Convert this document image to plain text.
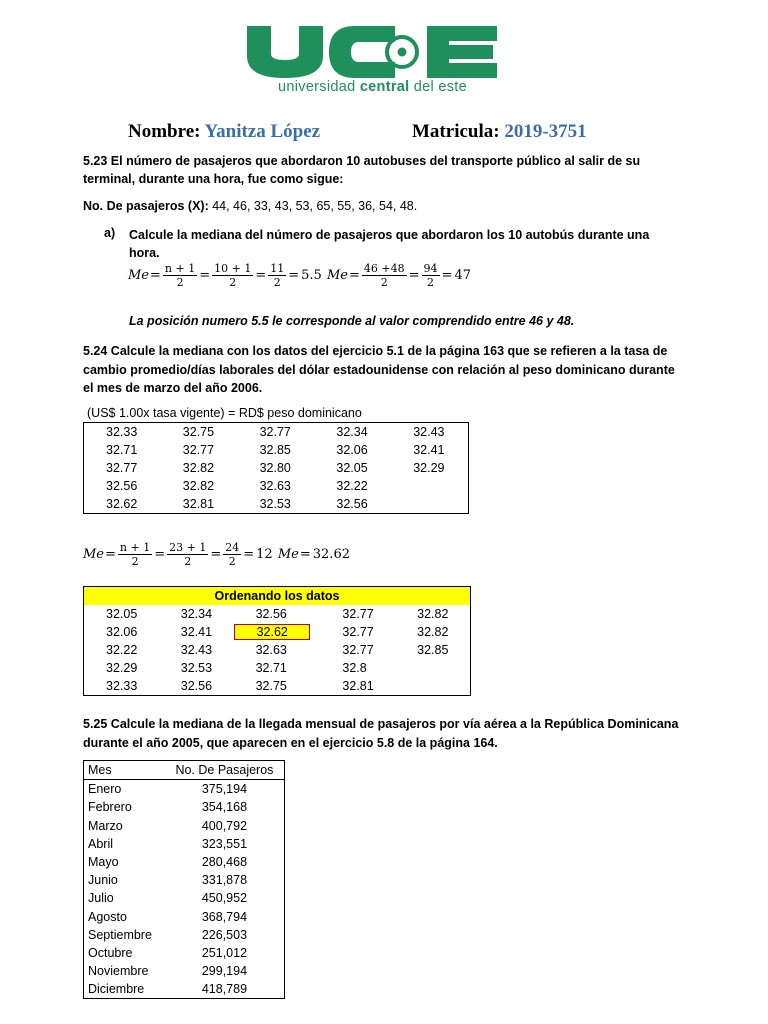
universidad central del este
Nombre: Yanitza López	Matricula: 2019-3751
5.23 El número de pasajeros que abordaron 10 autobuses del transporte público al salir de su terminal, durante una hora, fue como sigue:
No. De pasajeros (X): 44, 46, 33, 43, 53, 65, 55, 36, 54, 48.
a) Calcule la mediana del número de pasajeros que abordaron los 10 autobús durante una hora.
$Me = \frac{n + 1}{2} = \frac{10 + 1}{2} = \frac{11}{2} = 5.5$
$Me = \frac{46 +48}{2} = \frac{94}{2} = 47$
La posición numero 5.5 le corresponde al valor comprendido entre 46 y 48.
5.24 Calcule la mediana con los datos del ejercicio 5.1 de la página 163 que se refieren a la tasa de cambio promedio/días laborales del dólar estadounidense con relación al peso dominicano durante el mes de marzo del año 2006.
(US$ 1.00x tasa vigente) = RD$ peso dominicano
32.33	32.75	32.77	32.34	32.43
32.71	32.77	32.85	32.06	32.41
32.77	32.82	32.80	32.05	32.29
32.56	32.82	32.63	32.22	
32.62	32.81	32.53	32.56	
$Me = \frac{n + 1}{2} = \frac{23 + 1}{2} = \frac{24}{2} = 12$
Me = 32.62
Ordenando los datos
32.05	32.34	32.56	32.77	32.82
32.06	32.41	32.62	32.77	32.82
32.22	32.43	32.63	32.77	32.85
32.29	32.53	32.71	32.8	
32.33	32.56	32.75	32.81	
5.25 Calcule la mediana de la llegada mensual de pasajeros por vía aérea a la República Dominicana durante el año 2005, que aparecen en el ejercicio 5.8 de la página 164.
Mes	No. De Pasajeros
Enero	375,194
Febrero	354,168
Marzo	400,792
Abril	323,551
Mayo	280,468
Junio	331,878
Julio	450,952
Agosto	368,794
Septiembre	226,503
Octubre	251,012
Noviembre	299,194
Diciembre	418,789
